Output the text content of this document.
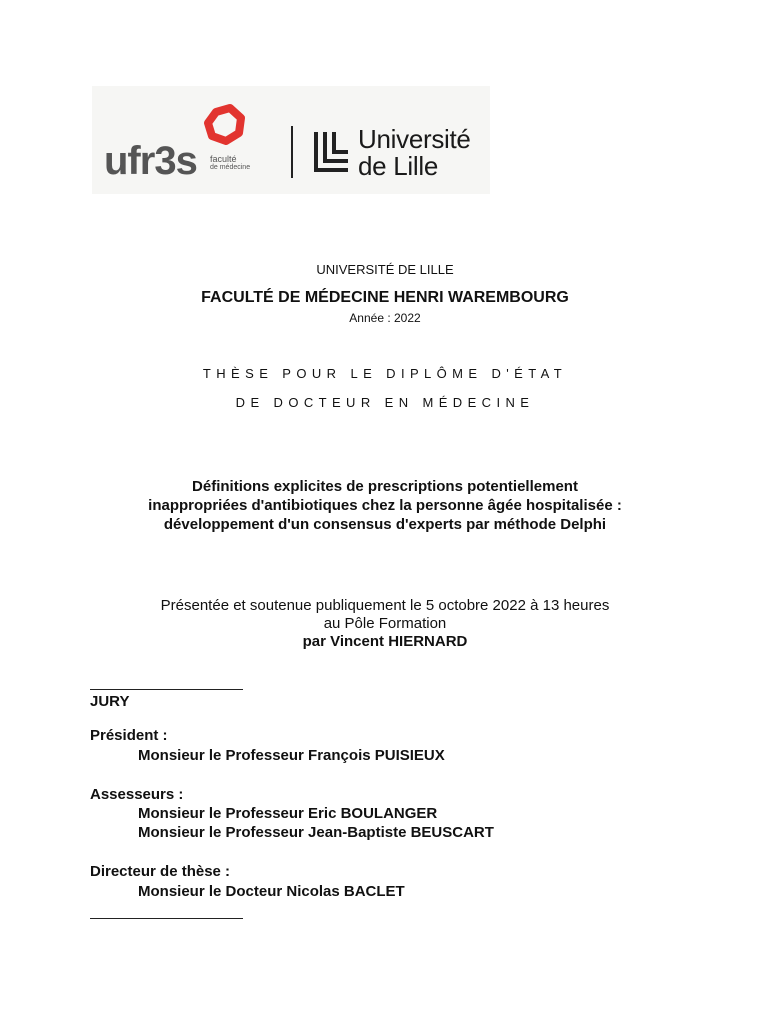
ufr3s faculté
de médecine
Université
de Lille
UNIVERSITÉ DE LILLE
FACULTÉ DE MÉDECINE HENRI WAREMBOURG
Année : 2022
THÈSE POUR LE DIPLÔME D'ÉTAT
DE DOCTEUR EN MÉDECINE
Définitions explicites de prescriptions potentiellement
inappropriées d'antibiotiques chez la personne âgée hospitalisée :
développement d'un consensus d'experts par méthode Delphi
Présentée et soutenue publiquement le 5 octobre 2022 à 13 heures
au Pôle Formation
par Vincent HIERNARD
JURY
Président :
Monsieur le Professeur François PUISIEUX
Assesseurs :
Monsieur le Professeur Eric BOULANGER
Monsieur le Professeur Jean-Baptiste BEUSCART
Directeur de thèse :
Monsieur le Docteur Nicolas BACLET
